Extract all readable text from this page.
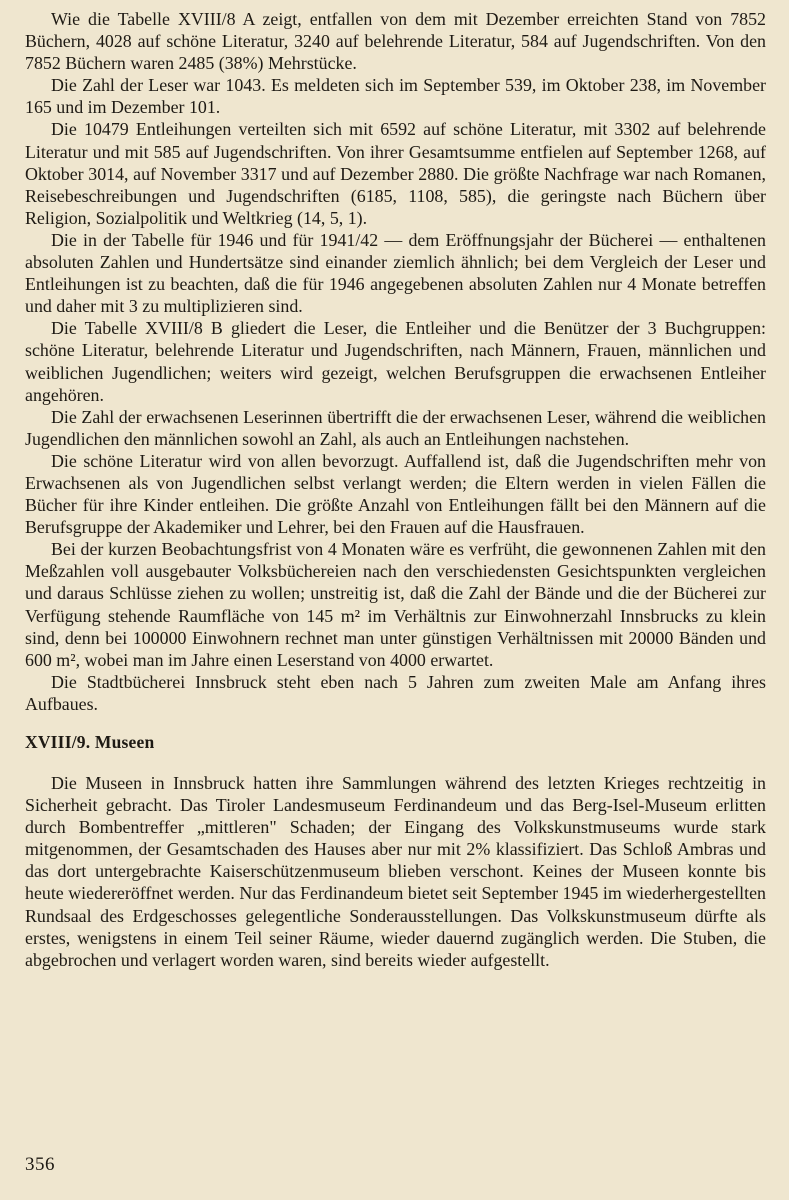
Wie die Tabelle XVIII/8 A zeigt, entfallen von dem mit Dezember erreichten Stand von 7852 Büchern, 4028 auf schöne Literatur, 3240 auf belehrende Literatur, 584 auf Jugendschriften. Von den 7852 Büchern waren 2485 (38%) Mehrstücke.

Die Zahl der Leser war 1043. Es meldeten sich im September 539, im Oktober 238, im November 165 und im Dezember 101.

Die 10479 Entleihungen verteilten sich mit 6592 auf schöne Literatur, mit 3302 auf belehrende Literatur und mit 585 auf Jugendschriften. Von ihrer Gesamtsumme entfielen auf September 1268, auf Oktober 3014, auf November 3317 und auf Dezember 2880. Die größte Nachfrage war nach Romanen, Reisebeschreibungen und Jugendschriften (6185, 1108, 585), die geringste nach Büchern über Religion, Sozialpolitik und Weltkrieg (14, 5, 1).

Die in der Tabelle für 1946 und für 1941/42 — dem Eröffnungsjahr der Bücherei — enthaltenen absoluten Zahlen und Hundertsätze sind einander ziemlich ähnlich; bei dem Vergleich der Leser und Entleihungen ist zu beachten, daß die für 1946 angegebenen absoluten Zahlen nur 4 Monate betreffen und daher mit 3 zu multiplizieren sind.

Die Tabelle XVIII/8 B gliedert die Leser, die Entleiher und die Benützer der 3 Buchgruppen: schöne Literatur, belehrende Literatur und Jugendschriften, nach Männern, Frauen, männlichen und weiblichen Jugendlichen; weiters wird gezeigt, welchen Berufsgruppen die erwachsenen Entleiher angehören.

Die Zahl der erwachsenen Leserinnen übertrifft die der erwachsenen Leser, während die weiblichen Jugendlichen den männlichen sowohl an Zahl, als auch an Entleihungen nachstehen.

Die schöne Literatur wird von allen bevorzugt. Auffallend ist, daß die Jugendschriften mehr von Erwachsenen als von Jugendlichen selbst verlangt werden; die Eltern werden in vielen Fällen die Bücher für ihre Kinder entleihen. Die größte Anzahl von Entleihungen fällt bei den Männern auf die Berufsgruppe der Akademiker und Lehrer, bei den Frauen auf die Hausfrauen.

Bei der kurzen Beobachtungsfrist von 4 Monaten wäre es verfrüht, die gewonnenen Zahlen mit den Meßzahlen voll ausgebauter Volksbüchereien nach den verschiedensten Gesichtspunkten vergleichen und daraus Schlüsse ziehen zu wollen; unstreitig ist, daß die Zahl der Bände und die der Bücherei zur Verfügung stehende Raumfläche von 145 m² im Verhältnis zur Einwohnerzahl Innsbrucks zu klein sind, denn bei 100000 Einwohnern rechnet man unter günstigen Verhältnissen mit 20000 Bänden und 600 m², wobei man im Jahre einen Leserstand von 4000 erwartet.

Die Stadtbücherei Innsbruck steht eben nach 5 Jahren zum zweiten Male am Anfang ihres Aufbaues.

XVIII/9. Museen

Die Museen in Innsbruck hatten ihre Sammlungen während des letzten Krieges rechtzeitig in Sicherheit gebracht. Das Tiroler Landesmuseum Ferdinandeum und das Berg-Isel-Museum erlitten durch Bombentreffer „mittleren" Schaden; der Eingang des Volkskunstmuseums wurde stark mitgenommen, der Gesamtschaden des Hauses aber nur mit 2% klassifiziert. Das Schloß Ambras und das dort untergebrachte Kaiserschützenmuseum blieben verschont. Keines der Museen konnte bis heute wiedereröffnet werden. Nur das Ferdinandeum bietet seit September 1945 im wiederhergestellten Rundsaal des Erdgeschosses gelegentliche Sonderausstellungen. Das Volkskunstmuseum dürfte als erstes, wenigstens in einem Teil seiner Räume, wieder dauernd zugänglich werden. Die Stuben, die abgebrochen und verlagert worden waren, sind bereits wieder aufgestellt.

356
